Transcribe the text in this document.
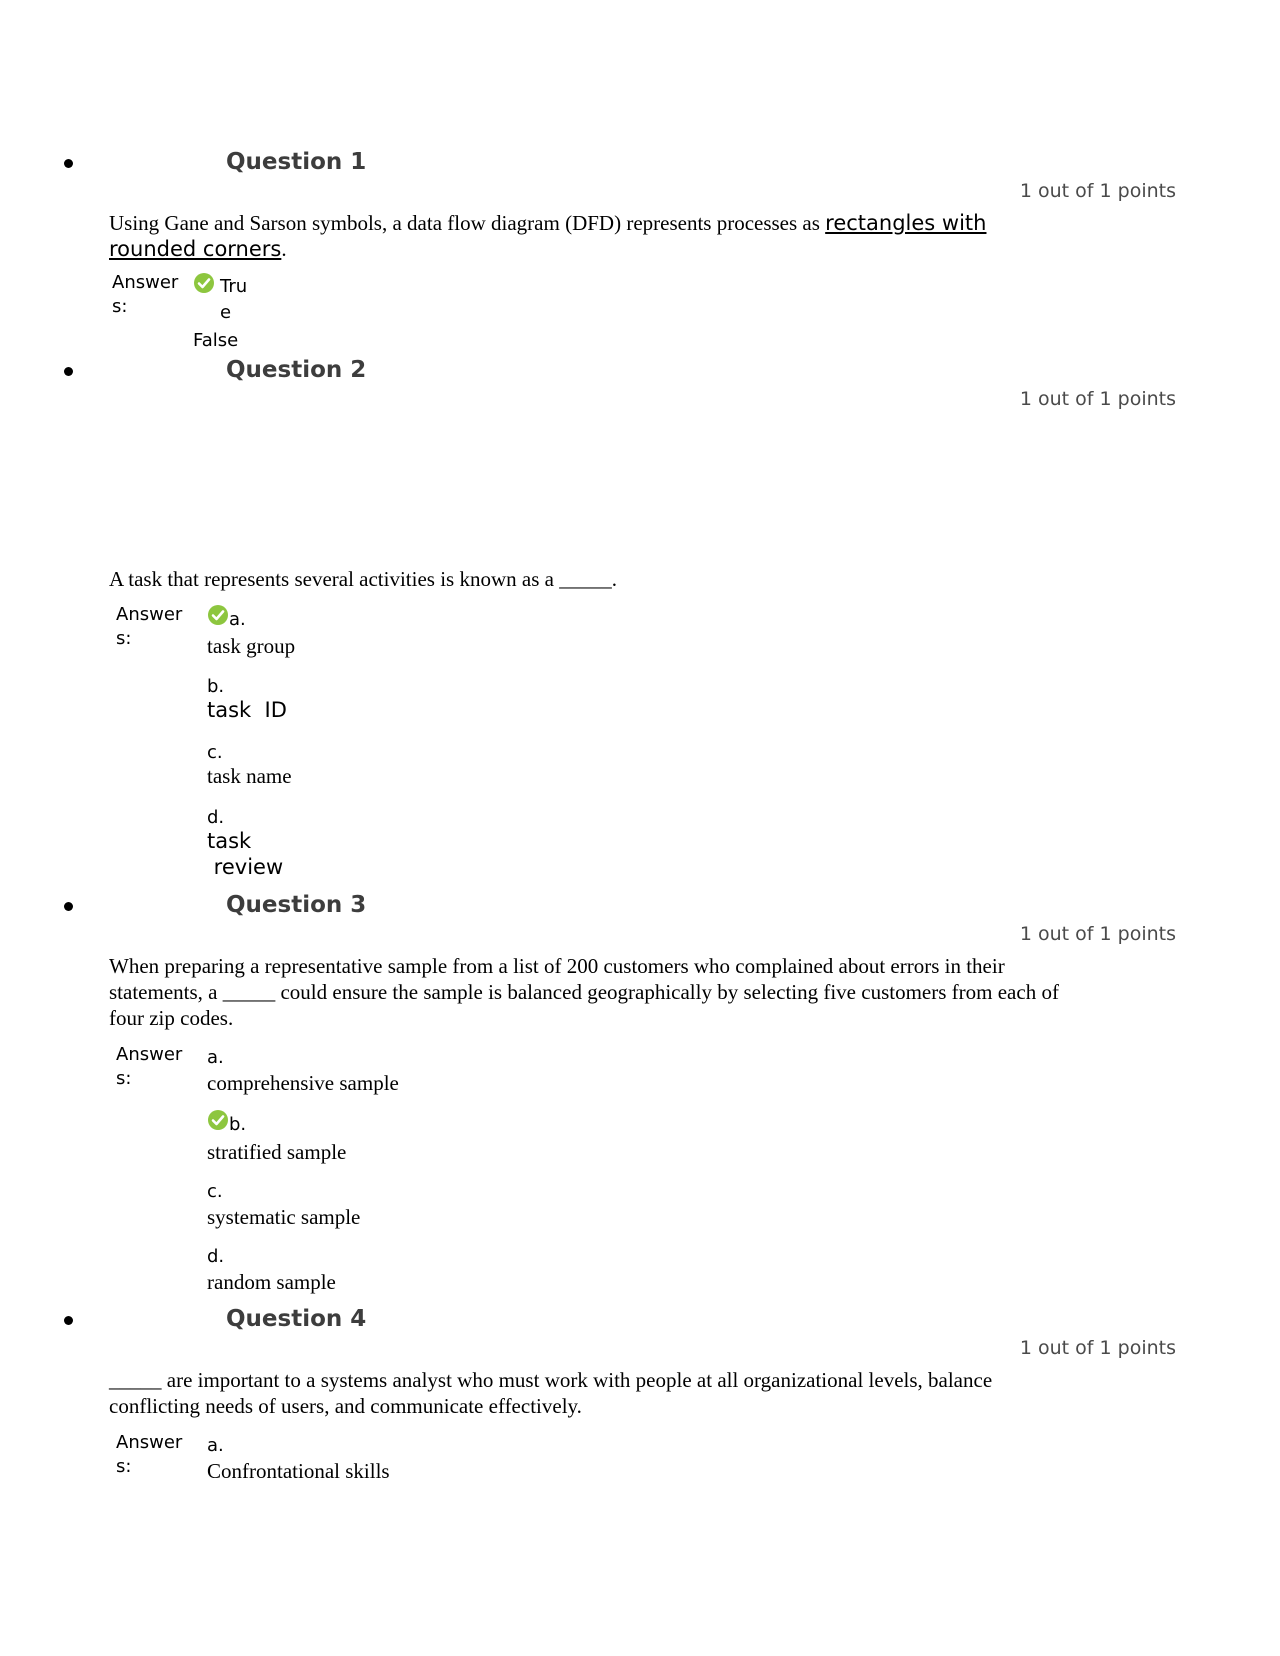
Question 1
1 out of 1 points
Using Gane and Sarson symbols, a data flow diagram (DFD) represents processes as rectangles with rounded corners.
Answers:
True
False
Question 2
1 out of 1 points
A task that represents several activities is known as a _____.
Answers:
a.
task group
b.
task  ID
c.
task name
d.
task
review
Question 3
1 out of 1 points
When preparing a representative sample from a list of 200 customers who complained about errors in their statements, a _____ could ensure the sample is balanced geographically by selecting five customers from each of four zip codes.
Answers:
a.
comprehensive sample
b.
stratified sample
c.
systematic sample
d.
random sample
Question 4
1 out of 1 points
_____ are important to a systems analyst who must work with people at all organizational levels, balance conflicting needs of users, and communicate effectively.
Answers:
a.
Confrontational skills
